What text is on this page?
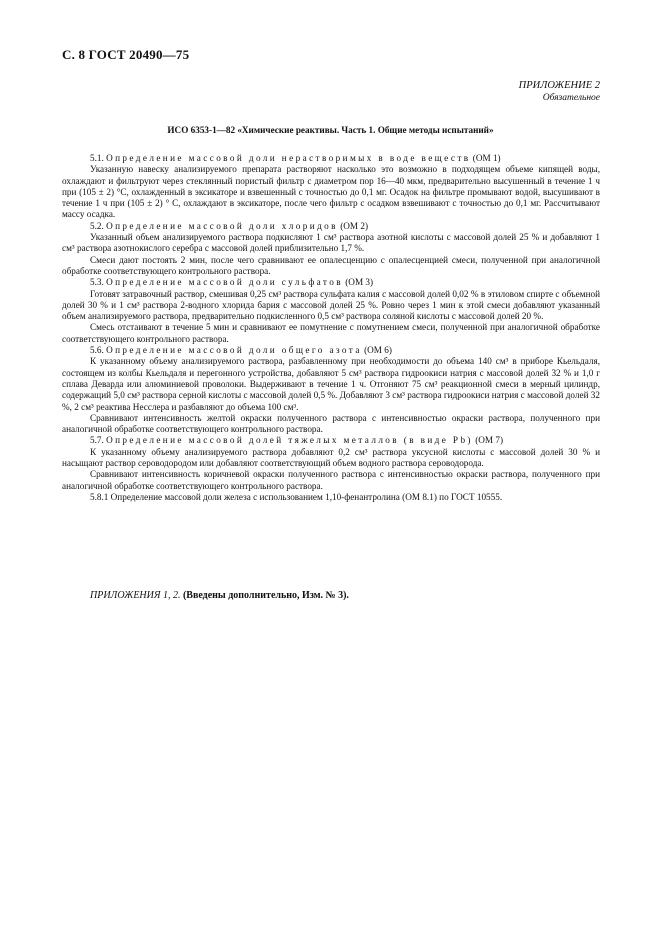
С. 8 ГОСТ 20490—75
ПРИЛОЖЕНИЕ 2
Обязательное
ИСО 6353-1—82 «Химические реактивы. Часть 1. Общие методы испытаний»

5.1. Определение массовой доли нерастворимых в воде веществ (ОМ 1)

Указанную навеску анализируемого препарата растворяют насколько это возможно в подходящем объеме кипящей воды, охлаждают и фильтруют через стеклянный пористый фильтр с диаметром пор 16—40 мкм, предварительно высушенный в течение 1 ч при (105 ± 2) °C, охлажденный в эксикаторе и взвешенный с точностью до 0,1 мг. Осадок на фильтре промывают водой, высушивают в течение 1 ч при (105 ± 2) ° С, охлаждают в эксикаторе, после чего фильтр с осадком взвешивают с точностью до 0,1 мг. Рассчитывают массу осадка.

5.2. Определение массовой доли хлоридов (ОМ 2)

Указанный объем анализируемого раствора подкисляют 1 см³ раствора азотной кислоты с массовой долей 25 % и добавляют 1 см³ раствора азотнокислого серебра с массовой долей приблизительно 1,7 %.

Смеси дают постоять 2 мин, после чего сравнивают ее опалесценцию с опалесценцией смеси, полученной при аналогичной обработке соответствующего контрольного раствора.

5.3. Определение массовой доли сульфатов (ОМ 3)

Готовят затравочный раствор, смешивая 0,25 см³ раствора сульфата калия с массовой долей 0,02 % в этиловом спирте с объемной долей 30 % и 1 см³ раствора 2-водного хлорида бария с массовой долей 25 %. Ровно через 1 мин к этой смеси добавляют указанный объем анализируемого раствора, предварительно подкисленного 0,5 см³ раствора соляной кислоты с массовой долей 20 %.

Смесь отстаивают в течение 5 мин и сравнивают ее помутнение с помутнением смеси, полученной при аналогичной обработке соответствующего контрольного раствора.

5.6. Определение массовой доли общего азота (ОМ 6)

К указанному объему анализируемого раствора, разбавленному при необходимости до объема 140 см³ в приборе Кьельдаля, состоящем из колбы Кьельдаля и перегонного устройства, добавляют 5 см³ раствора гидроокиси натрия с массовой долей 32 % и 1,0 г сплава Деварда или алюминиевой проволоки. Выдерживают в течение 1 ч. Отгоняют 75 см³ реакционной смеси в мерный цилиндр, содержащий 5,0 см³ раствора серной кислоты с массовой долей 0,5 %. Добавляют 3 см³ раствора гидроокиси натрия с массовой долей 32 %, 2 см³ реактива Несслера и разбавляют до объема 100 см³.

Сравнивают интенсивность желтой окраски полученного раствора с интенсивностью окраски раствора, полученного при аналогичной обработке соответствующего контрольного раствора.

5.7. Определение массовой долей тяжелых металлов (в виде Pb) (ОМ 7)

К указанному объему анализируемого раствора добавляют 0,2 см³ раствора уксусной кислоты с массовой долей 30 % и насыщают раствор сероводородом или добавляют соответствующий объем водного раствора сероводорода.

Сравнивают интенсивность коричневой окраски полученного раствора с интенсивностью окраски раствора, полученного при аналогичной обработке соответствующего контрольного раствора.

5.8.1 Определение массовой доли железа с использованием 1,10-фенантролина (ОМ 8.1) по ГОСТ 10555.

ПРИЛОЖЕНИЯ 1, 2. (Введены дополнительно, Изм. № 3).
